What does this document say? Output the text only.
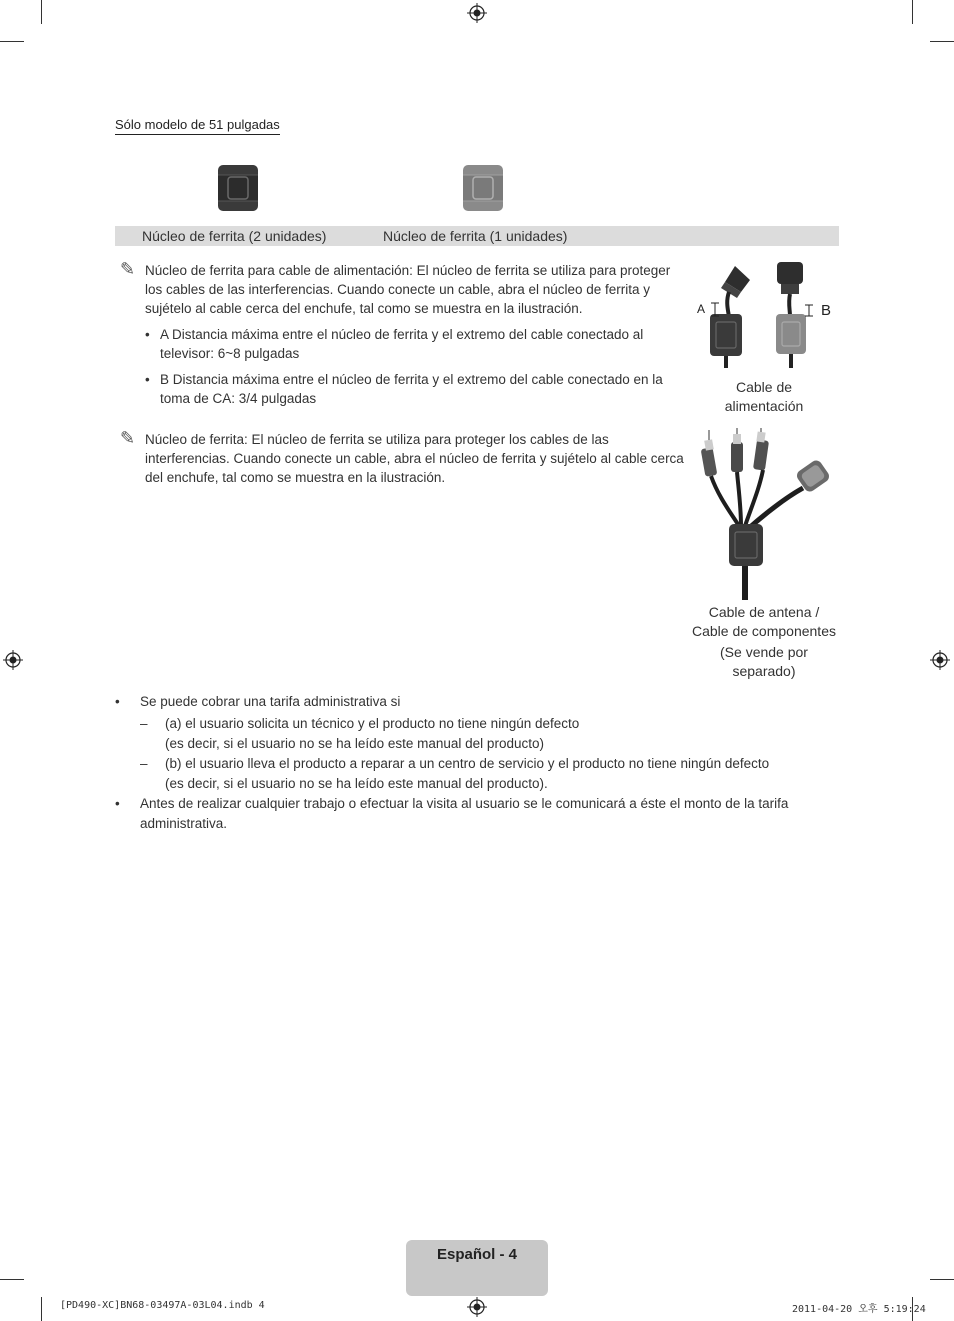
Sólo modelo de 51 pulgadas
Núcleo de ferrita (2 unidades)	Núcleo de ferrita (1 unidades)
✎ Núcleo de ferrita para cable de alimentación: El núcleo de ferrita se utiliza para proteger los cables de las interferencias. Cuando conecte un cable, abra el núcleo de ferrita y sujételo al cable cerca del enchufe, tal como se muestra en la ilustración.
• A Distancia máxima entre el núcleo de ferrita y el extremo del cable conectado al televisor: 6~8 pulgadas
• B Distancia máxima entre el núcleo de ferrita y el extremo del cable conectado en la toma de CA: 3/4 pulgadas
A	B
Cable de
alimentación
✎ Núcleo de ferrita: El núcleo de ferrita se utiliza para proteger los cables de las interferencias. Cuando conecte un cable, abra el núcleo de ferrita y sujételo al cable cerca del enchufe, tal como se muestra en la ilustración.
Cable de antena /
Cable de componentes
(Se vende por
separado)
• Se puede cobrar una tarifa administrativa si
– (a) el usuario solicita un técnico y el producto no tiene ningún defecto
(es decir, si el usuario no se ha leído este manual del producto)
– (b) el usuario lleva el producto a reparar a un centro de servicio y el producto no tiene ningún defecto
(es decir, si el usuario no se ha leído este manual del producto).
• Antes de realizar cualquier trabajo o efectuar la visita al usuario se le comunicará a éste el monto de la tarifa
administrativa.
Español - 4
[PD490-XC]BN68-03497A-03L04.indb 4	2011-04-20 오후 5:19:24
